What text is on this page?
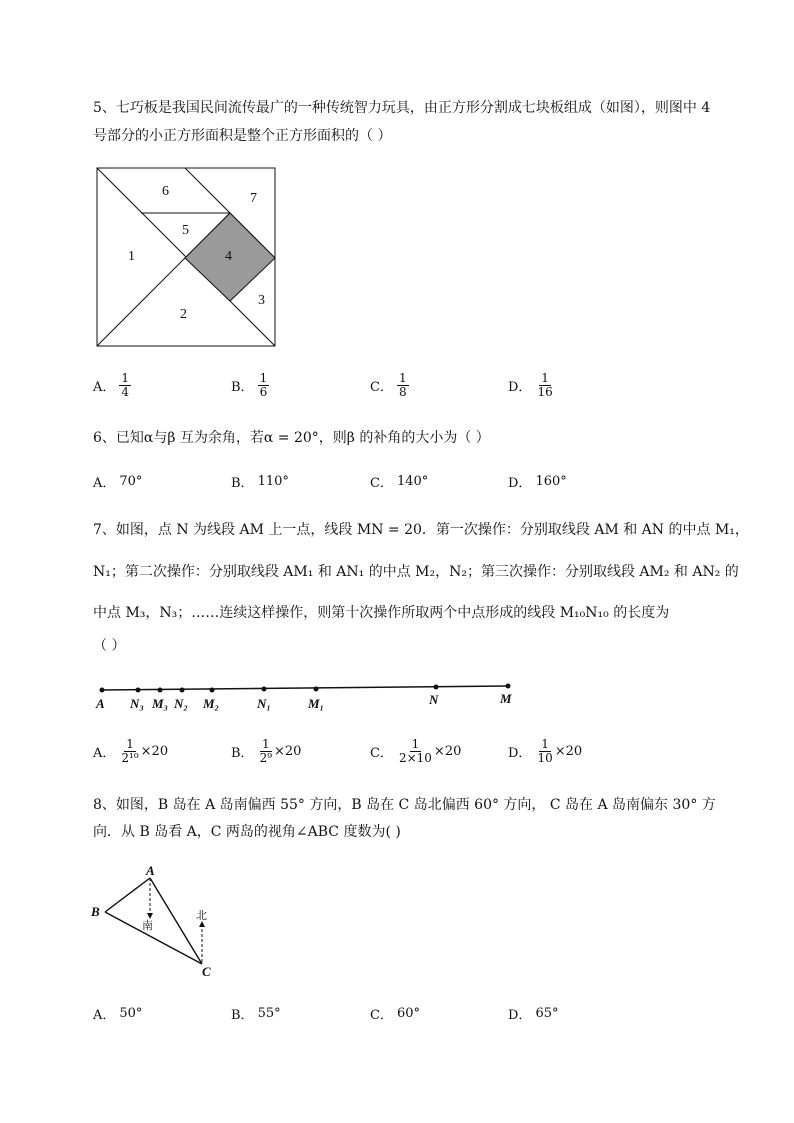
5、七巧板是我国民间流传最广的一种传统智力玩具，由正方形分割成七块板组成（如图），则图中 4
号部分的小正方形面积是整个正方形面积的（ ）
6	7
5
1	4
3
2
A． $\frac{1}{4}$	B． $\frac{1}{6}$	C． $\frac{1}{8}$	D． $\frac{1}{16}$
6、已知α与β 互为余角，若α = 20°，则β 的补角的大小为（ ）
A． 70°	B． 110°	C． 140°	D． 160°
7、如图，点 N 为线段 AM 上一点，线段 MN = 20．第一次操作：分别取线段 AM 和 AN 的中点 M₁，
N₁；第二次操作：分别取线段 AM₁ 和 AN₁ 的中点 M₂，N₂；第三次操作：分别取线段 AM₂ 和 AN₂ 的
中点 M₃，N₃；……连续这样操作，则第十次操作所取两个中点形成的线段 M₁₀N₁₀ 的长度为
（ ）
A N₃ M₃ N₂ M₂	N₁	M₁	N	M
A． $\frac{1}{\text{2¹⁰}} \times 20$	B． $\frac{1}{\text{2⁹}} \times 20$	C． $\frac{1}{2\times 10} \times 20$	D． $\frac{1}{10} \times 20$
8、如图，B 岛在 A 岛南偏西 55° 方向，B 岛在 C 岛北偏西 60° 方向， C 岛在 A 岛南偏东 30° 方
向．从 B 岛看 A，C 两岛的视角∠ABC 度数为( )
A
B
C
南
北
A． 50°	B． 55°	C． 60°	D． 65°
